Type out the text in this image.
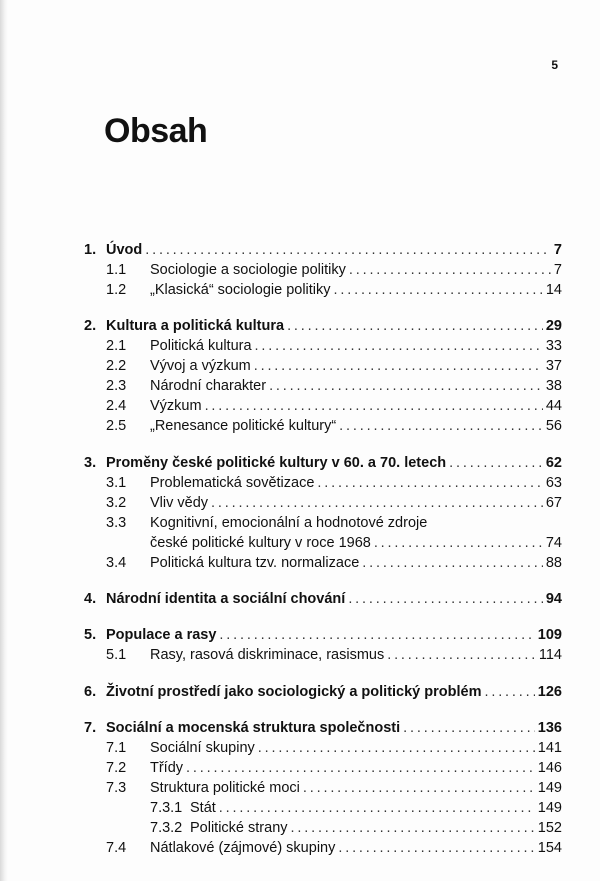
5
Obsah
1. Úvod . . .	7
1.1	Sociologie a sociologie politiky . . .	7
1.2	„Klasická“ sociologie politiky . . .	14
2. Kultura a politická kultura . . .	29
2.1	Politická kultura . . .	33
2.2	Vývoj a výzkum . . .	37
2.3	Národní charakter . . .	38
2.4	Výzkum . . .	44
2.5	„Renesance politické kultury“ . . .	56
3. Proměny české politické kultury v 60. a 70. letech . . .	62
3.1	Problematická sovětizace . . .	63
3.2	Vliv vědy . . .	67
3.3	Kognitivní, emocionální a hodnotové zdroje
české politické kultury v roce 1968 . . .	74
3.4	Politická kultura tzv. normalizace . . .	88
4. Národní identita a sociální chování . . .	94
5. Populace a rasy . . .	109
5.1	Rasy, rasová diskriminace, rasismus . . .	114
6. Životní prostředí jako sociologický a politický problém . . .	126
7. Sociální a mocenská struktura společnosti . . .	136
7.1	Sociální skupiny . . .	141
7.2	Třídy . . .	146
7.3	Struktura politické moci . . .	149
7.3.1 Stát . . .	149
7.3.2 Politické strany . . .	152
7.4	Nátlakové (zájmové) skupiny . . .	154
